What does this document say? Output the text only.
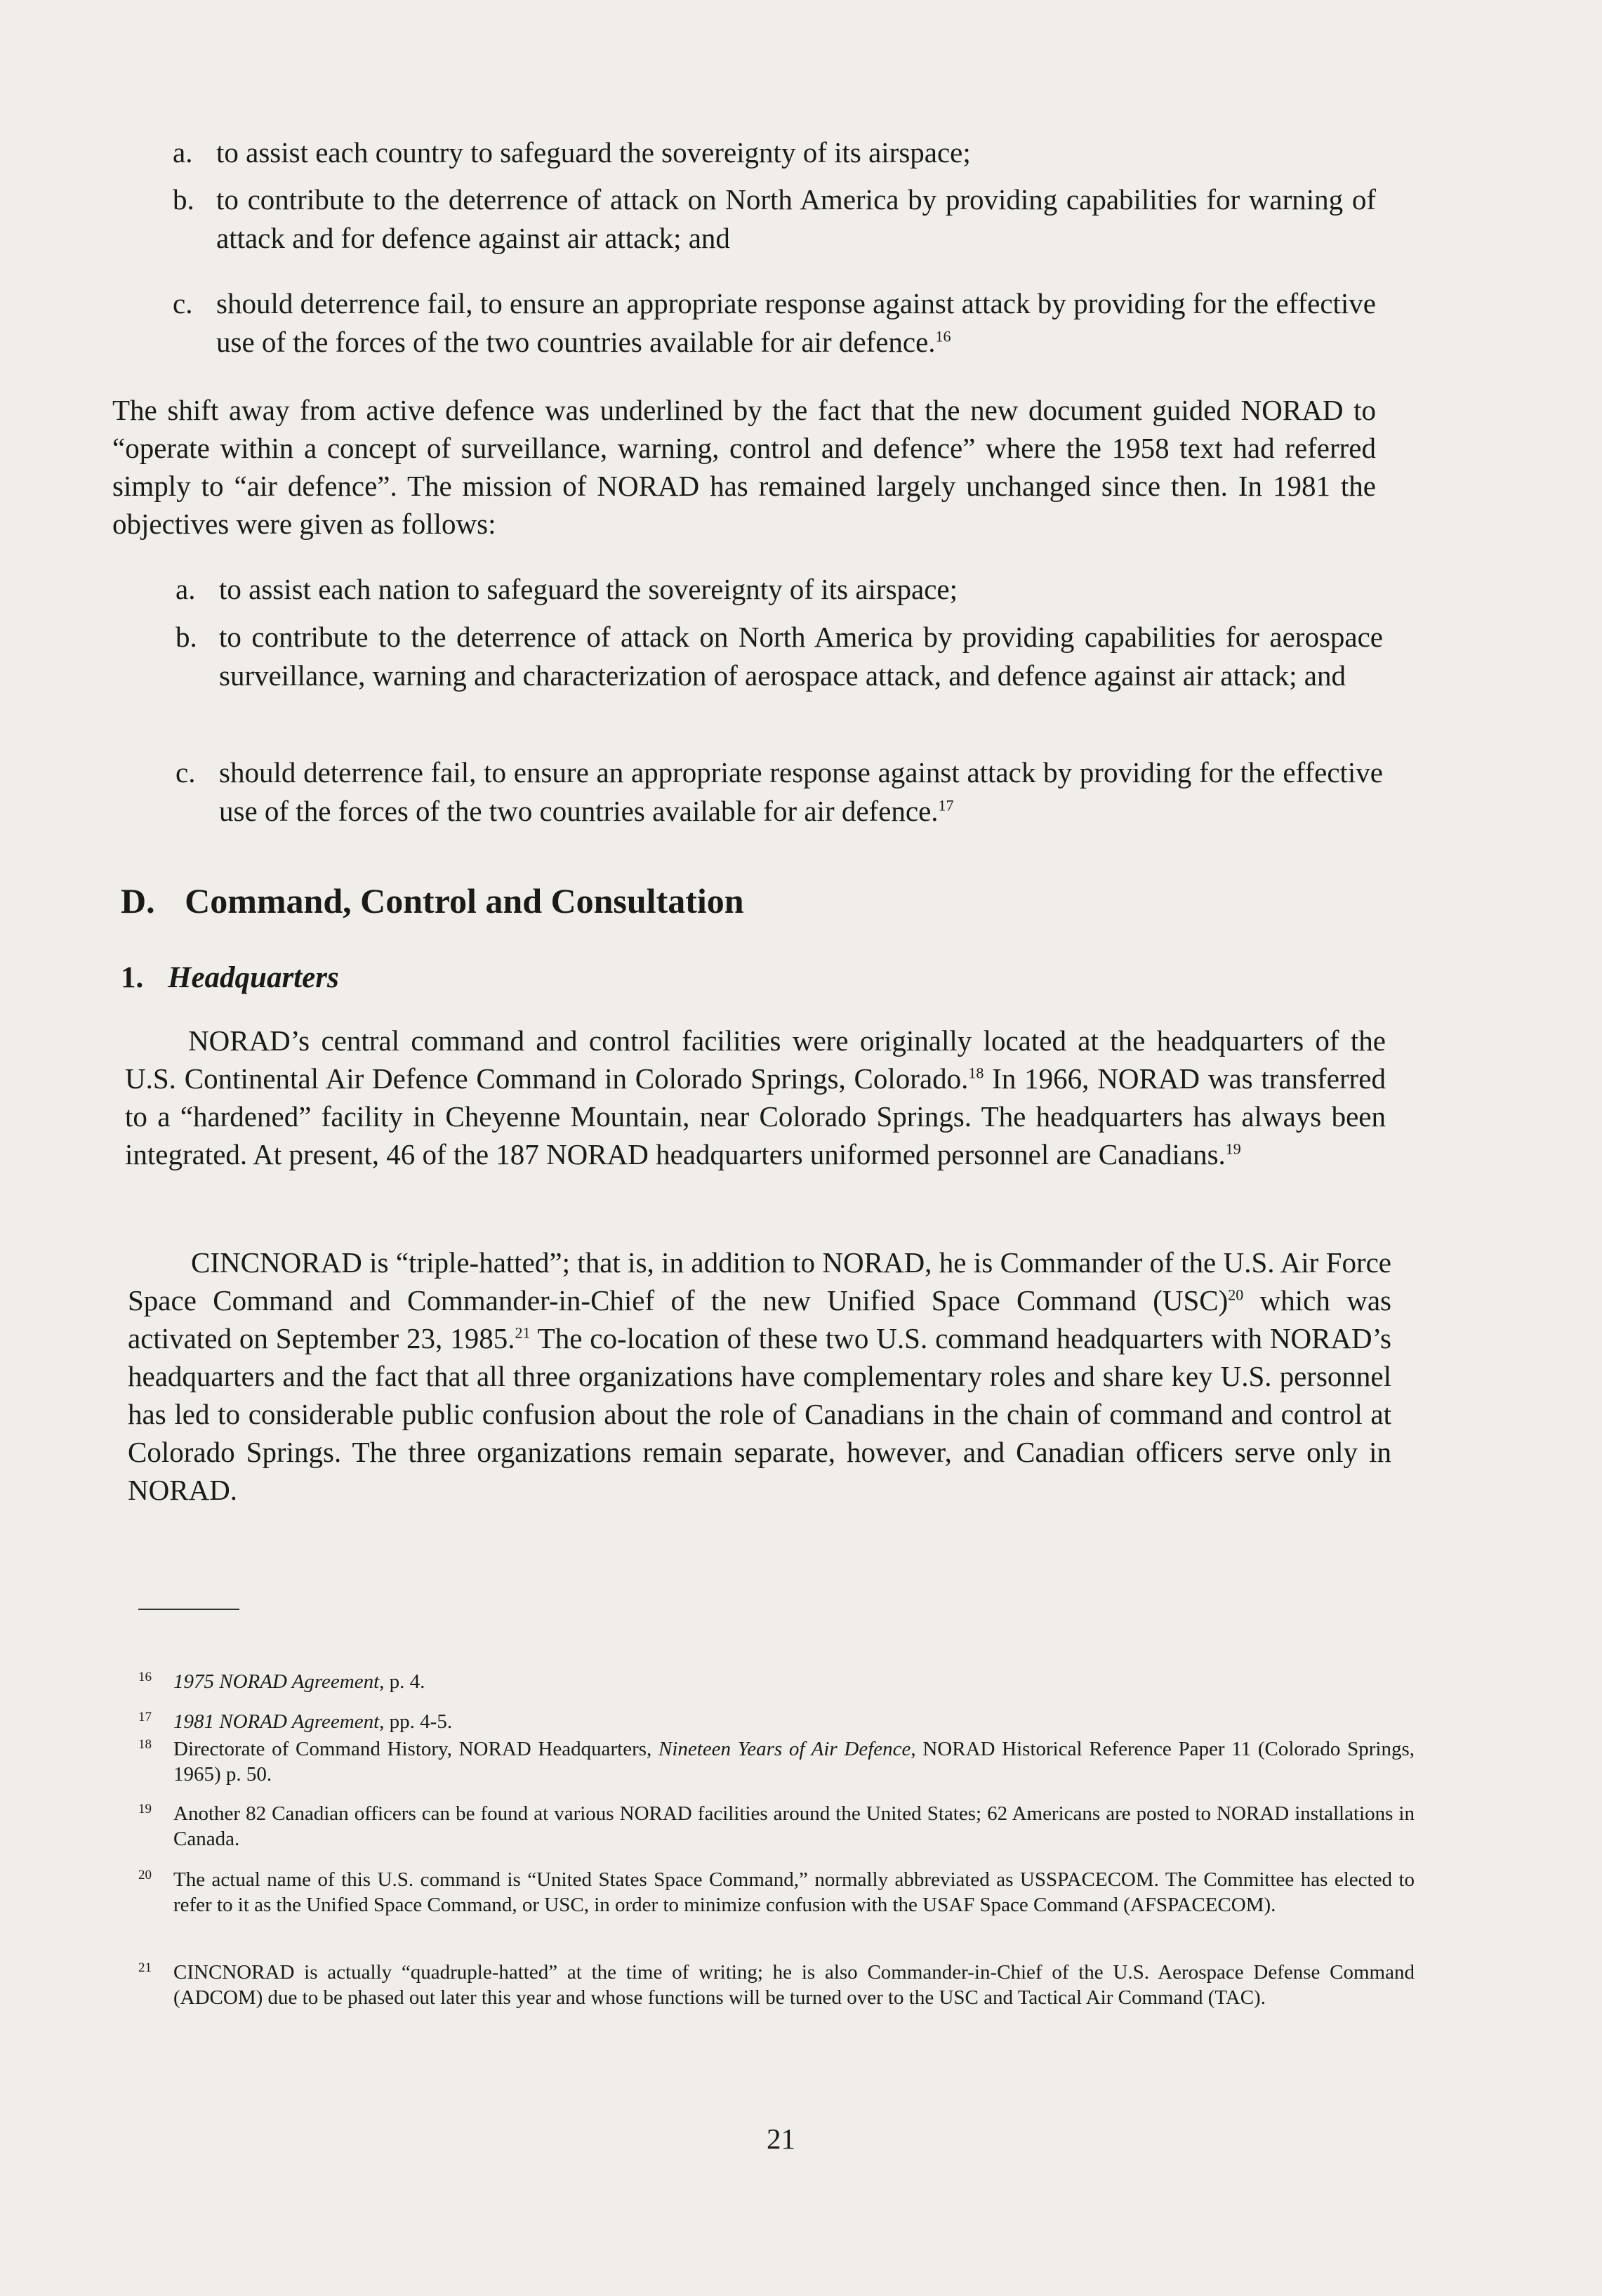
a. to assist each country to safeguard the sovereignty of its airspace;
b. to contribute to the deterrence of attack on North America by providing capabilities for warning of attack and for defence against air attack; and
c. should deterrence fail, to ensure an appropriate response against attack by providing for the effective use of the forces of the two countries available for air defence.$^{16}$
The shift away from active defence was underlined by the fact that the new document guided NORAD to “operate within a concept of surveillance, warning, control and defence” where the 1958 text had referred simply to “air defence”. The mission of NORAD has remained largely unchanged since then. In 1981 the objectives were given as follows:
a. to assist each nation to safeguard the sovereignty of its airspace;
b. to contribute to the deterrence of attack on North America by providing capabilities for aerospace surveillance, warning and characterization of aerospace attack, and defence against air attack; and
c. should deterrence fail, to ensure an appropriate response against attack by providing for the effective use of the forces of the two countries available for air defence.$^{17}$
D. Command, Control and Consultation
1. Headquarters
NORAD’s central command and control facilities were originally located at the headquarters of the U.S. Continental Air Defence Command in Colorado Springs, Colorado.$^{18}$ In 1966, NORAD was transferred to a “hardened” facility in Cheyenne Mountain, near Colorado Springs. The headquarters has always been integrated. At present, 46 of the 187 NORAD headquarters uniformed personnel are Canadians.$^{19}$
CINCNORAD is “triple-hatted”; that is, in addition to NORAD, he is Commander of the U.S. Air Force Space Command and Commander-in-Chief of the new Unified Space Command (USC)$^{20}$ which was activated on September 23, 1985.21 The co-location of these two U.S. command headquarters with NORAD’s headquarters and the fact that all three organizations have complementary roles and share key U.S. personnel has led to considerable public confusion about the role of Canadians in the chain of command and control at Colorado Springs. The three organizations remain separate, however, and Canadian officers serve only in NORAD.
16 1975 NORAD Agreement, p. 4.
17 1981 NORAD Agreement, pp. 4-5.
18 Directorate of Command History, NORAD Headquarters, Nineteen Years of Air Defence, NORAD Historical Reference Paper 11 (Colorado Springs, 1965) p. 50.
19 Another 82 Canadian officers can be found at various NORAD facilities around the United States; 62 Americans are posted to NORAD installations in Canada.
20 The actual name of this U.S. command is “United States Space Command,” normally abbreviated as USSPACECOM. The Committee has elected to refer to it as the Unified Space Command, or USC, in order to minimize confusion with the USAF Space Command (AFSPACECOM).
21 CINCNORAD is actually “quadruple-hatted” at the time of writing; he is also Commander-in-Chief of the U.S. Aerospace Defense Command (ADCOM) due to be phased out later this year and whose functions will be turned over to the USC and Tactical Air Command (TAC).
21
